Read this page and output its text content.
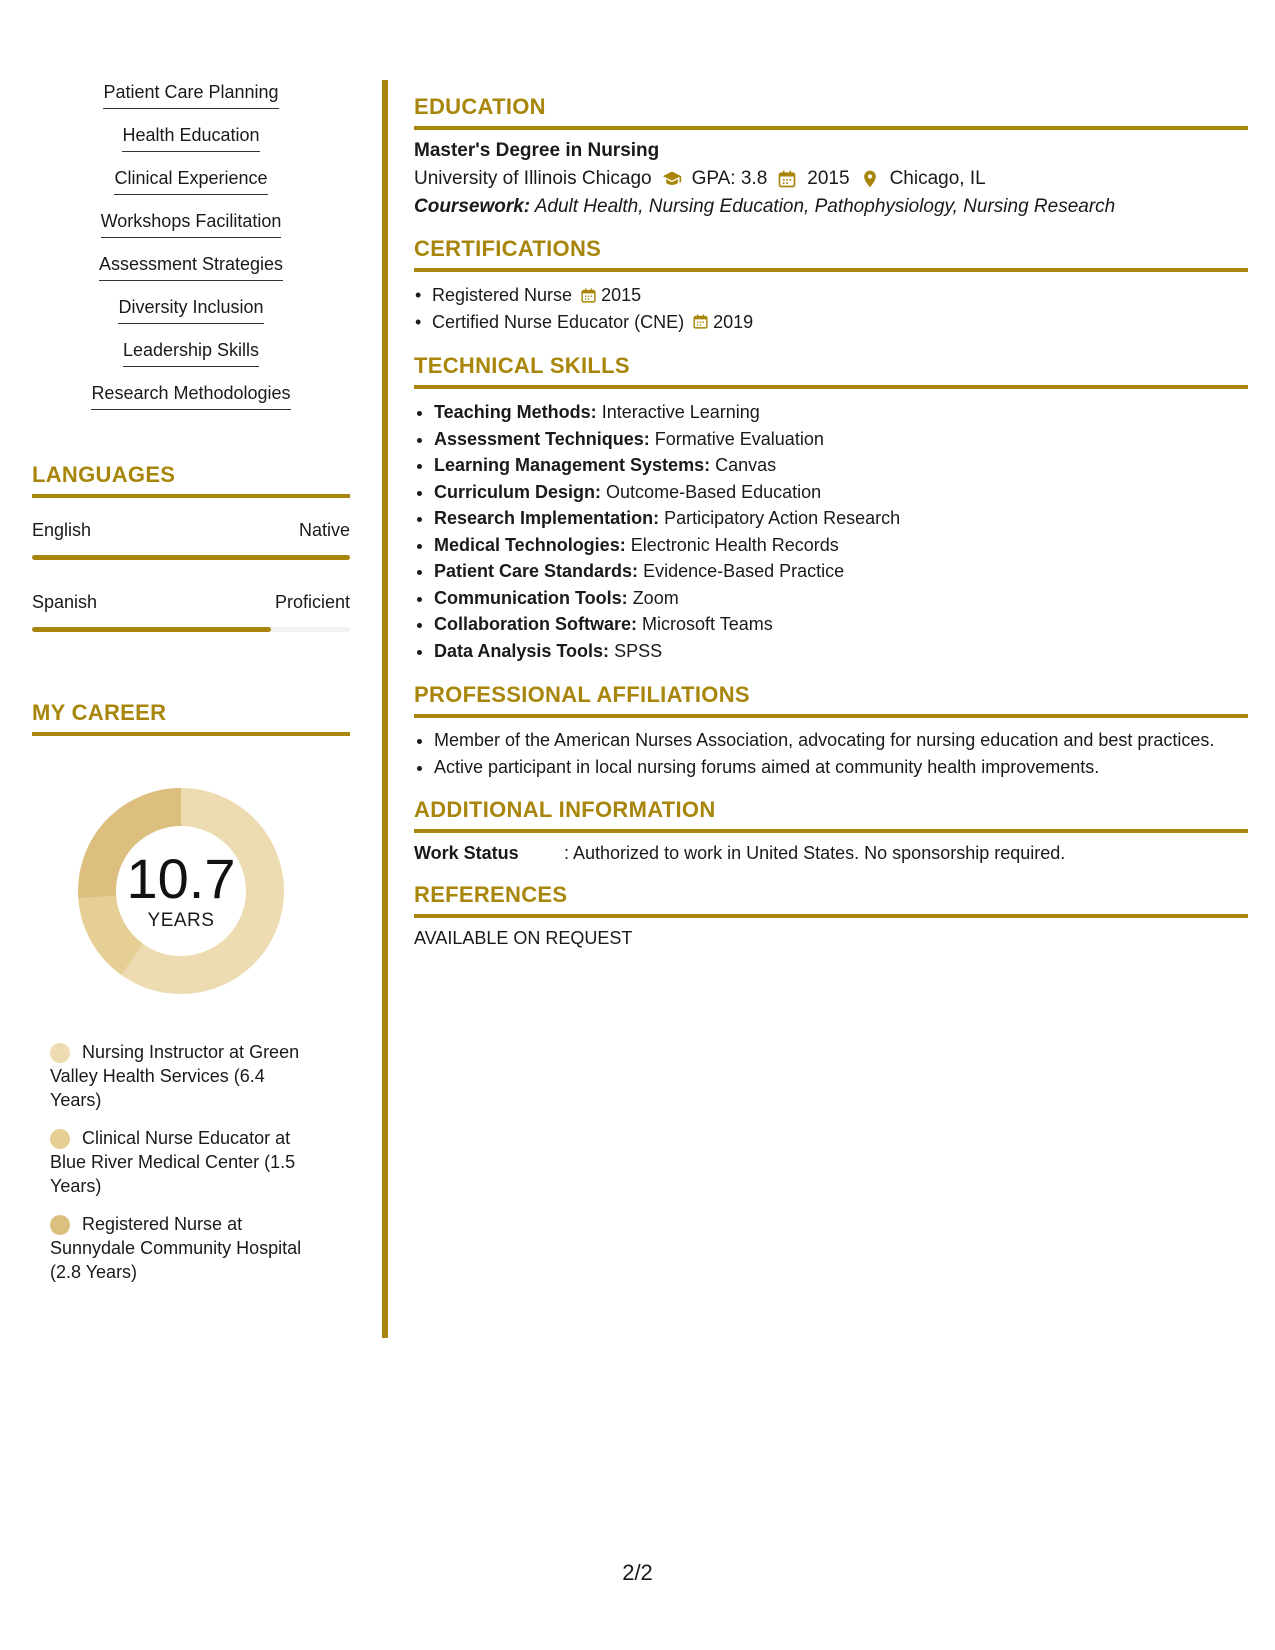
Patient Care Planning
Health Education
Clinical Experience
Workshops Facilitation
Assessment Strategies
Diversity Inclusion
Leadership Skills
Research Methodologies
LANGUAGES
English	Native
Spanish	Proficient
MY CAREER
10.7
YEARS
Nursing Instructor at Green Valley Health Services (6.4 Years)
Clinical Nurse Educator at Blue River Medical Center (1.5 Years)
Registered Nurse at Sunnydale Community Hospital (2.8 Years)
EDUCATION
Master's Degree in Nursing
University of Illinois Chicago GPA: 3.8 2015 Chicago, IL
Coursework: Adult Health, Nursing Education, Pathophysiology, Nursing Research
CERTIFICATIONS
• Registered Nurse 2015
• Certified Nurse Educator (CNE) 2019
TECHNICAL SKILLS
• Teaching Methods: Interactive Learning
• Assessment Techniques: Formative Evaluation
• Learning Management Systems: Canvas
• Curriculum Design: Outcome-Based Education
• Research Implementation: Participatory Action Research
• Medical Technologies: Electronic Health Records
• Patient Care Standards: Evidence-Based Practice
• Communication Tools: Zoom
• Collaboration Software: Microsoft Teams
• Data Analysis Tools: SPSS
PROFESSIONAL AFFILIATIONS
• Member of the American Nurses Association, advocating for nursing education and best practices.
• Active participant in local nursing forums aimed at community health improvements.
ADDITIONAL INFORMATION
Work Status	: Authorized to work in United States. No sponsorship required.
REFERENCES
AVAILABLE ON REQUEST
2/2
